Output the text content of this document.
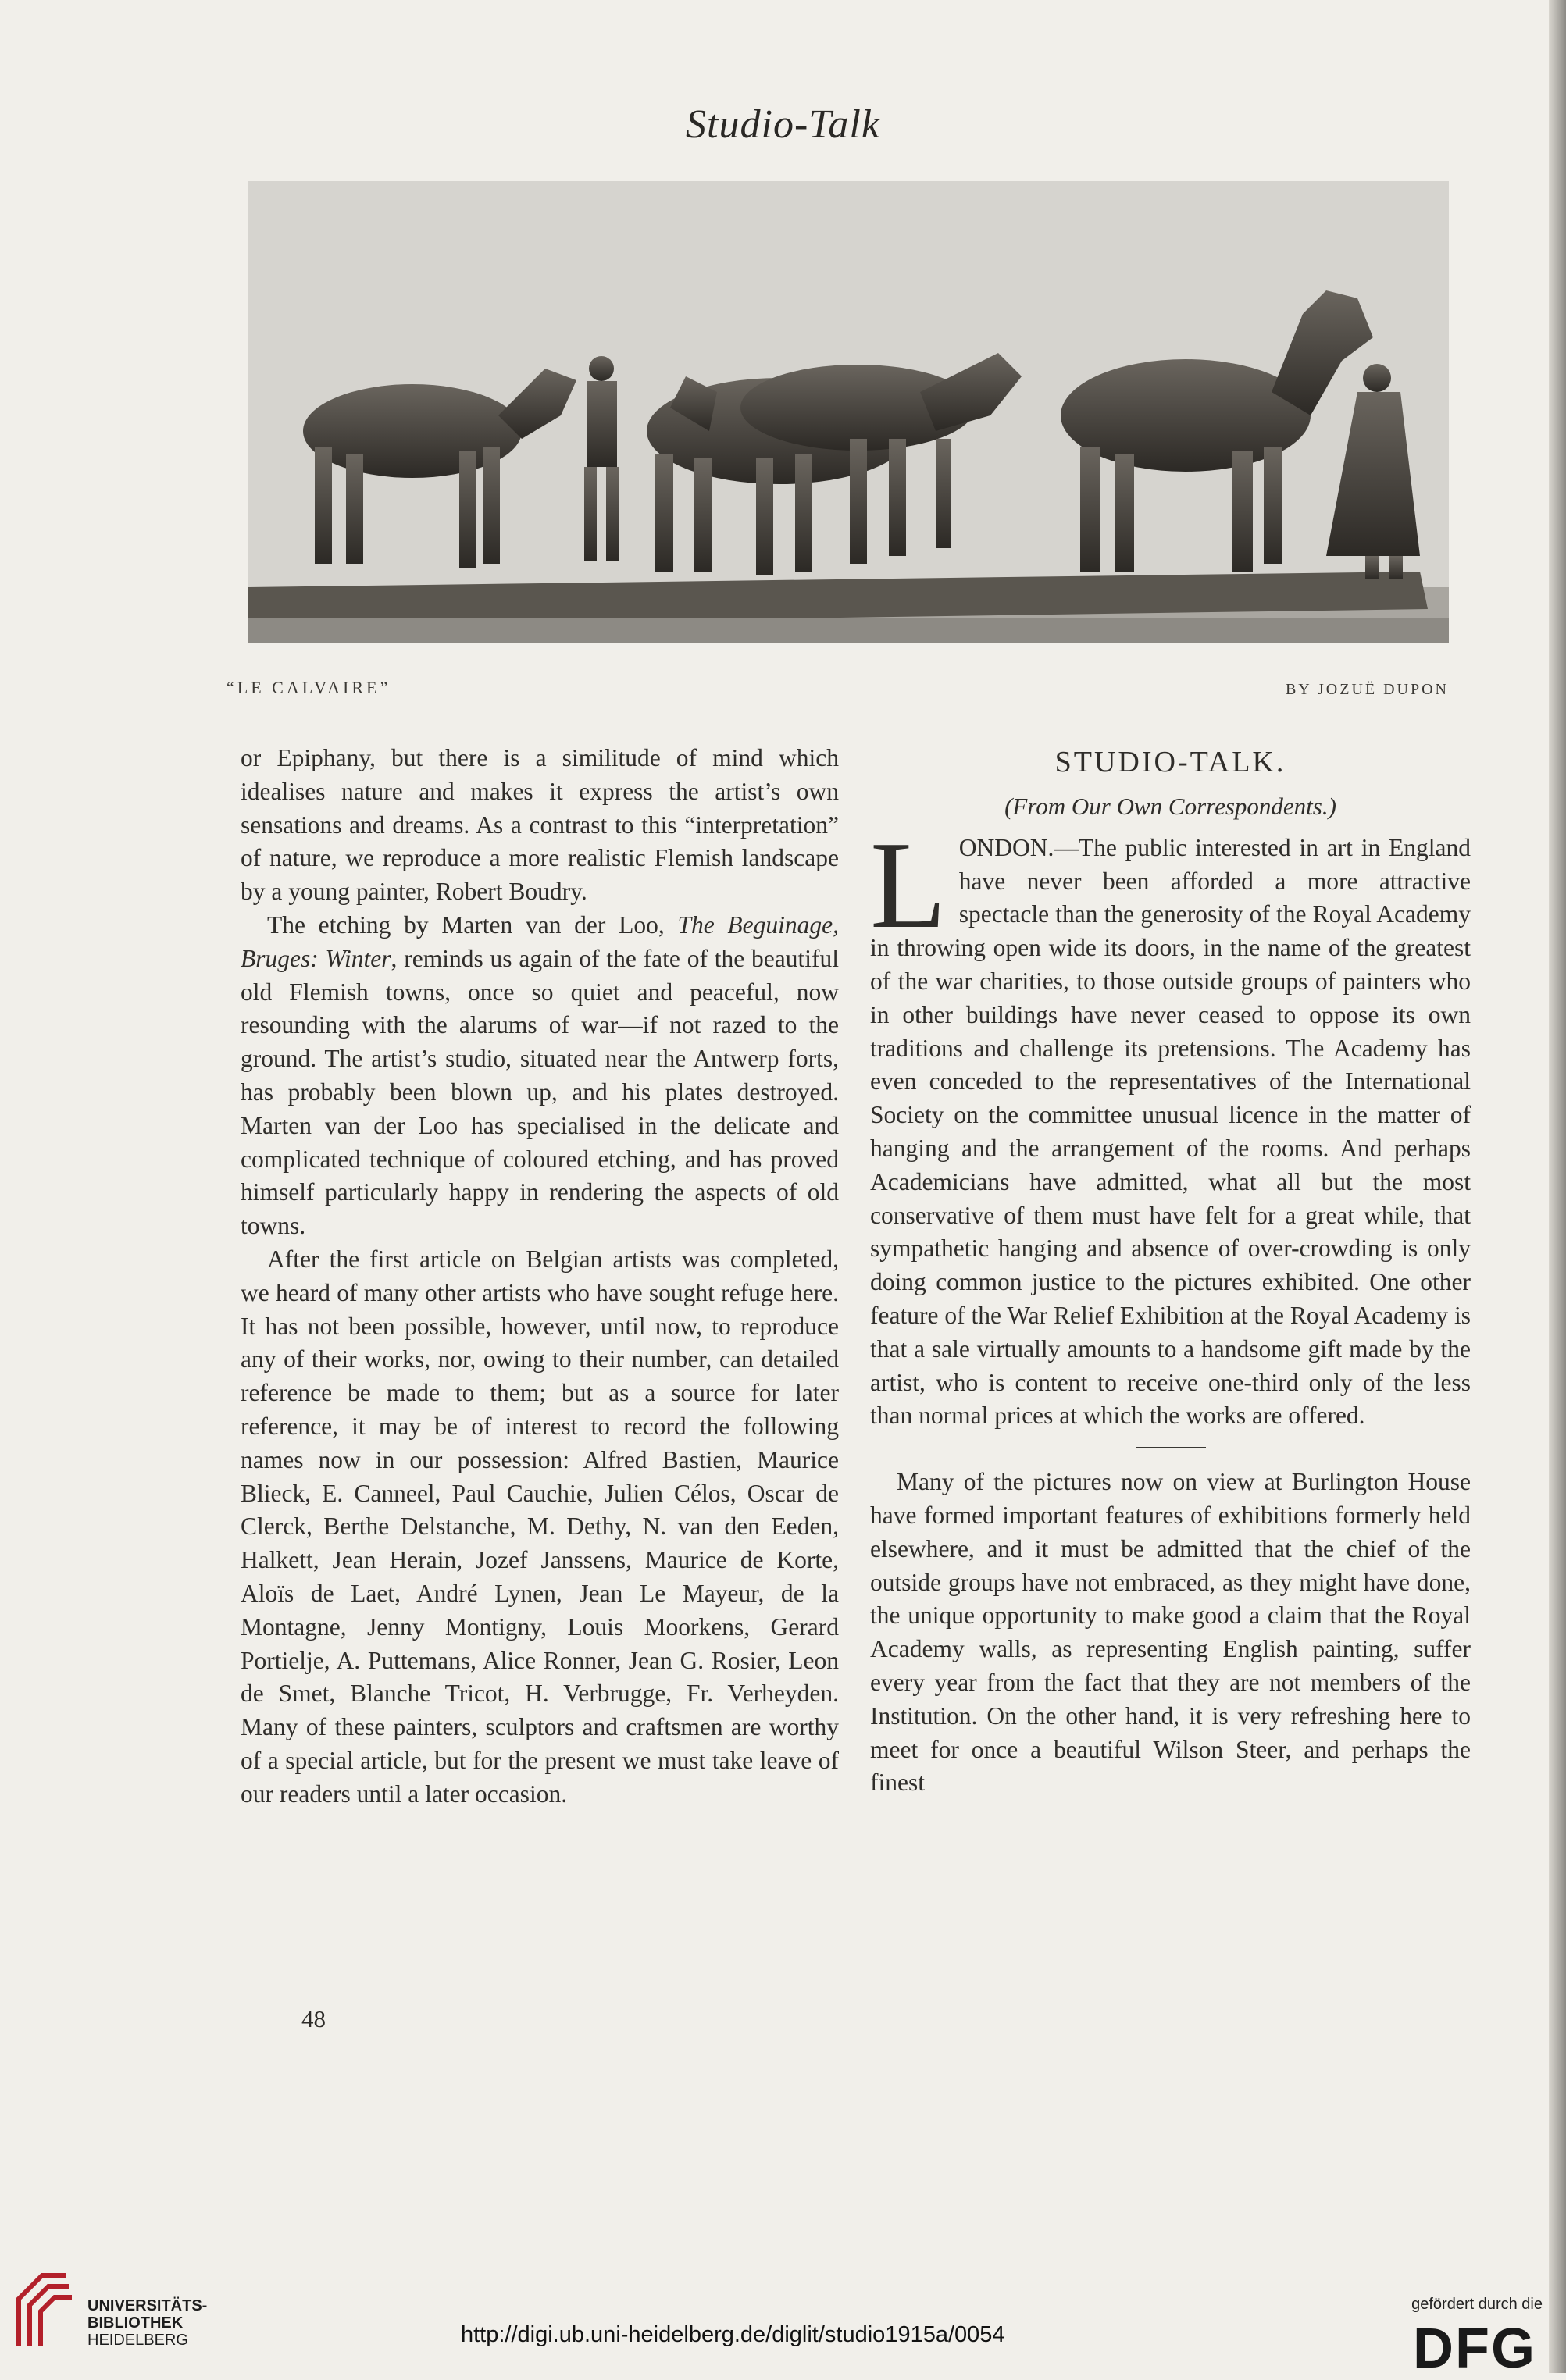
Studio-Talk
“LE CALVAIRE”	BY JOZUË DUPON

or Epiphany, but there is a similitude of mind which idealises nature and makes it express the artist’s own sensations and dreams. As a contrast to this “interpretation” of nature, we reproduce a more realistic Flemish landscape by a young painter, Robert Boudry.

The etching by Marten van der Loo, The Beguinage, Bruges: Winter, reminds us again of the fate of the beautiful old Flemish towns, once so quiet and peaceful, now resounding with the alarums of war—if not razed to the ground. The artist’s studio, situated near the Antwerp forts, has probably been blown up, and his plates destroyed. Marten van der Loo has specialised in the delicate and complicated technique of coloured etching, and has proved himself particularly happy in rendering the aspects of old towns.

After the first article on Belgian artists was completed, we heard of many other artists who have sought refuge here. It has not been possible, however, until now, to reproduce any of their works, nor, owing to their number, can detailed reference be made to them; but as a source for later reference, it may be of interest to record the following names now in our possession: Alfred Bastien, Maurice Blieck, E. Canneel, Paul Cauchie, Julien Célos, Oscar de Clerck, Berthe Delstanche, M. Dethy, N. van den Eeden, Halkett, Jean Herain, Jozef Janssens, Maurice de Korte, Aloïs de Laet, André Lynen, Jean Le Mayeur, de la Montagne, Jenny Montigny, Louis Moorkens, Gerard Portielje, A. Puttemans, Alice Ronner, Jean G. Rosier, Leon de Smet, Blanche Tricot, H. Verbrugge, Fr. Verheyden. Many of these painters, sculptors and craftsmen are worthy of a special article, but for the present we must take leave of our readers until a later occasion.

48
STUDIO-TALK.
(From Our Own Correspondents.)

LONDON.—The public interested in art in England have never been afforded a more attractive spectacle than the generosity of the Royal Academy in throwing open wide its doors, in the name of the greatest of the war charities, to those outside groups of painters who in other buildings have never ceased to oppose its own traditions and challenge its pretensions. The Academy has even conceded to the representatives of the International Society on the committee unusual licence in the matter of hanging and the arrangement of the rooms. And perhaps Academicians have admitted, what all but the most conservative of them must have felt for a great while, that sympathetic hanging and absence of over-crowding is only doing common justice to the pictures exhibited. One other feature of the War Relief Exhibition at the Royal Academy is that a sale virtually amounts to a handsome gift made by the artist, who is content to receive one-third only of the less than normal prices at which the works are offered.

Many of the pictures now on view at Burlington House have formed important features of exhibitions formerly held elsewhere, and it must be admitted that the chief of the outside groups have not embraced, as they might have done, the unique opportunity to make good a claim that the Royal Academy walls, as representing English painting, suffer every year from the fact that they are not members of the Institution. On the other hand, it is very refreshing here to meet for once a beautiful Wilson Steer, and perhaps the finest

UNIVERSITÄTS-
BIBLIOTHEK
HEIDELBERG	http://digi.ub.uni-heidelberg.de/diglit/studio1915a/0054
gefördert durch die
DFG
